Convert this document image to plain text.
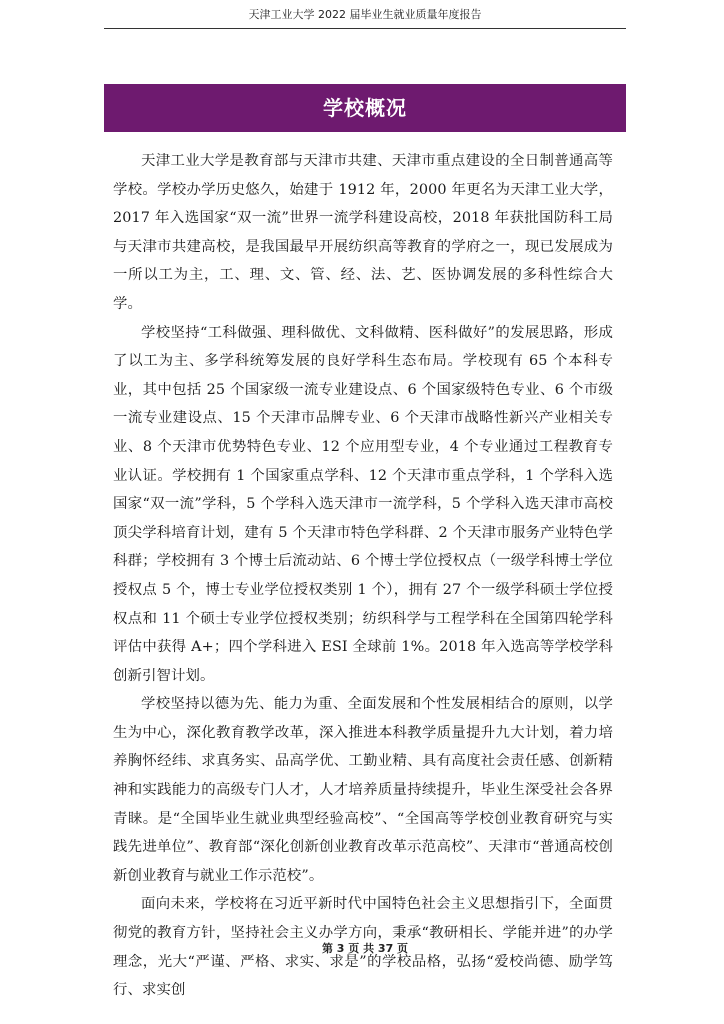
天津工业大学 2022 届毕业生就业质量年度报告
学校概况

天津工业大学是教育部与天津市共建、天津市重点建设的全日制普通高等学校。学校办学历史悠久，始建于 1912 年，2000 年更名为天津工业大学，2017 年入选国家“双一流”世界一流学科建设高校，2018 年获批国防科工局与天津市共建高校，是我国最早开展纺织高等教育的学府之一，现已发展成为一所以工为主，工、理、文、管、经、法、艺、医协调发展的多科性综合大学。

学校坚持“工科做强、理科做优、文科做精、医科做好”的发展思路，形成了以工为主、多学科统筹发展的良好学科生态布局。学校现有 65 个本科专业，其中包括 25 个国家级一流专业建设点、6 个国家级特色专业、6 个市级一流专业建设点、15 个天津市品牌专业、6 个天津市战略性新兴产业相关专业、8 个天津市优势特色专业、12 个应用型专业，4 个专业通过工程教育专业认证。学校拥有 1 个国家重点学科、12 个天津市重点学科，1 个学科入选国家“双一流”学科，5 个学科入选天津市一流学科，5 个学科入选天津市高校顶尖学科培育计划，建有 5 个天津市特色学科群、2 个天津市服务产业特色学科群；学校拥有 3 个博士后流动站、6 个博士学位授权点（一级学科博士学位授权点 5 个，博士专业学位授权类别 1 个），拥有 27 个一级学科硕士学位授权点和 11 个硕士专业学位授权类别；纺织科学与工程学科在全国第四轮学科评估中获得 A+；四个学科进入 ESI 全球前 1%。2018 年入选高等学校学科创新引智计划。

学校坚持以德为先、能力为重、全面发展和个性发展相结合的原则，以学生为中心，深化教育教学改革，深入推进本科教学质量提升九大计划，着力培养胸怀经纬、求真务实、品高学优、工勤业精、具有高度社会责任感、创新精神和实践能力的高级专门人才，人才培养质量持续提升，毕业生深受社会各界青睐。是“全国毕业生就业典型经验高校”、“全国高等学校创业教育研究与实践先进单位”、教育部“深化创新创业教育改革示范高校”、天津市“普通高校创新创业教育与就业工作示范校”。

面向未来，学校将在习近平新时代中国特色社会主义思想指引下，全面贯彻党的教育方针，坚持社会主义办学方向，秉承“教研相长、学能并进”的办学理念，光大“严谨、严格、求实、求是”的学校品格，弘扬“爱校尚德、励学笃行、求实创

第 3 页 共 37 页
